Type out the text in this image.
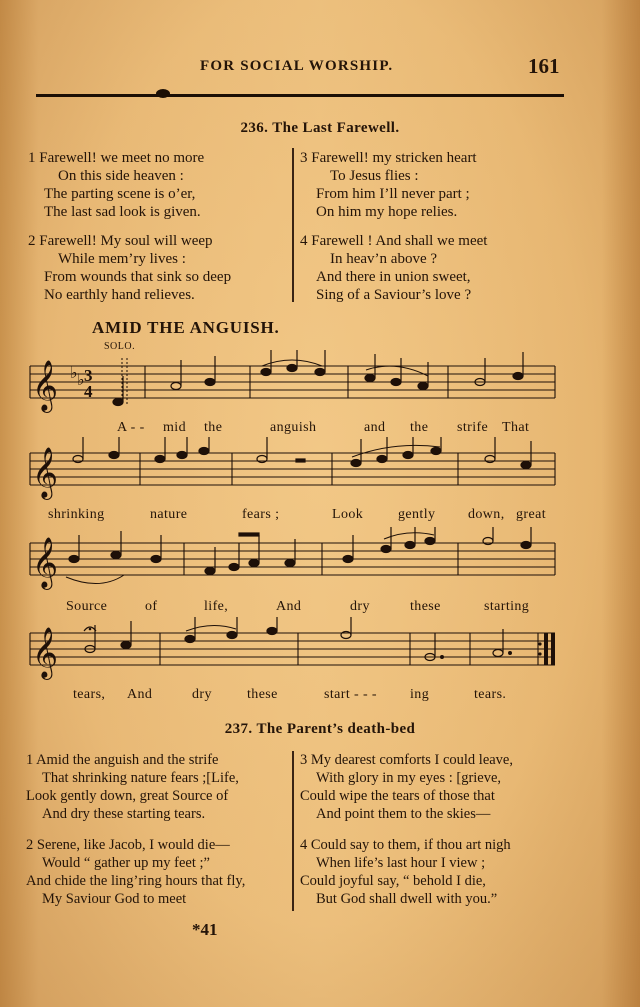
FOR SOCIAL WORSHIP.	161
236. The Last Farewell.
1 Farewell! we meet no more
On this side heaven :
The parting scene is o’er,
The last sad look is given.
2 Farewell! My soul will weep
While mem’ry lives :
From wounds that sink so deep
No earthly hand relieves.
3 Farewell! my stricken heart
To Jesus flies :
From him I’ll never part ;
On him my hope relies.
4 Farewell ! And shall we meet
In heav’n above ?
And there in union sweet,
Sing of a Saviour’s love ?
AMID THE ANGUISH.
SOLO.
𝄞 ♭ ♭ 3
4
A - - mid the	anguish	and the strife That
𝄞
shrinking	nature	fears ;	Look gently down, great
𝄞
Source	of	life,	And	dry	these	starting
𝄞
tears, And	dry	these	start - - - ing	tears.
237. The Parent’s death-bed
1 Amid the anguish and the strife
That shrinking nature fears ;[Life,
Look gently down, great Source of
And dry these starting tears.
2 Serene, like Jacob, I would die—
Would “ gather up my feet ;”
And chide the ling’ring hours that fly,
My Saviour God to meet
3 My dearest comforts I could leave,
With glory in my eyes : [grieve,
Could wipe the tears of those that
And point them to the skies—
4 Could say to them, if thou art nigh
When life’s last hour I view ;
Could joyful say, “ behold I die,
But God shall dwell with you.”
*41
